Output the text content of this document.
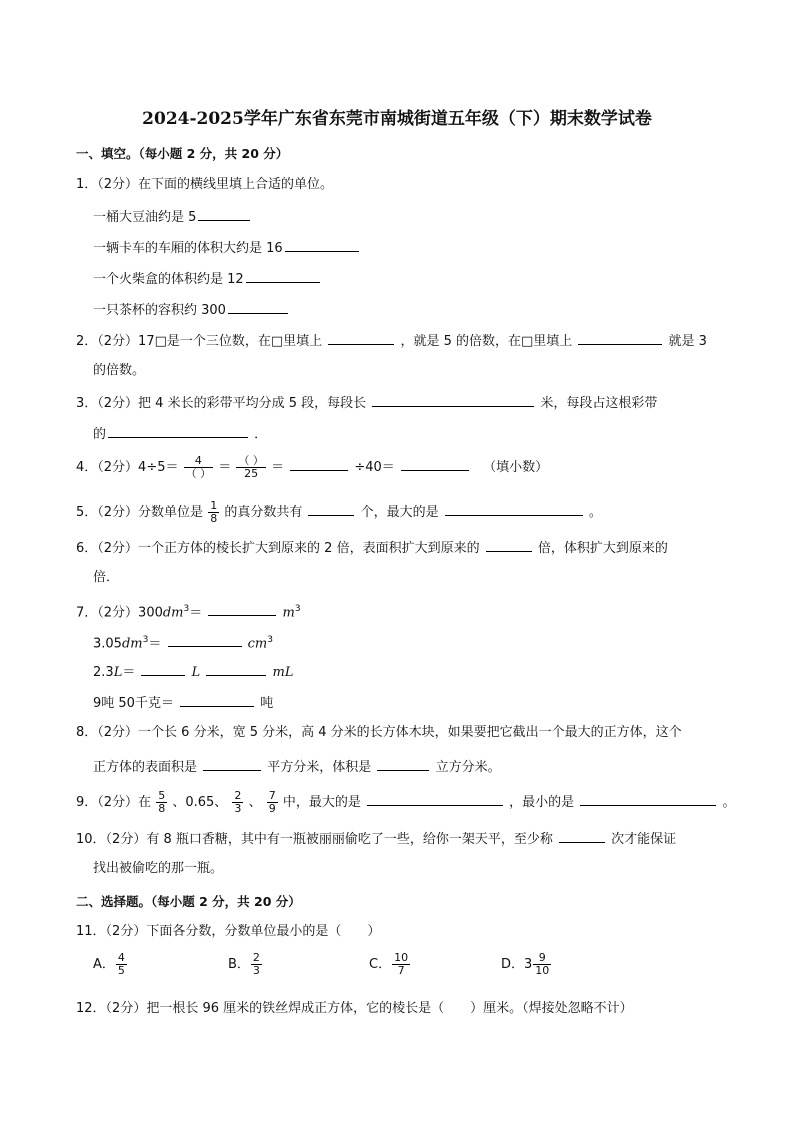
2024-2025学年广东省东莞市南城街道五年级（下）期末数学试卷
一、填空。（每小题 2 分，共 20 分）
1．（2分）在下面的横线里填上合适的单位。
一桶大豆油约是 5
一辆卡车的车厢的体积大约是 16
一个火柴盒的体积约是 12
一只茶杯的容积约 300
2．（2分）17□是一个三位数，在□里填上	，就是 5 的倍数，在□里填上	就是 3
的倍数。
3．（2分）把 4 米长的彩带平均分成 5 段，每段长	米，每段占这根彩带
的	．
4．（2分）$4\div 5= \frac{4}{( )} = \frac{( )}{25}$ ＝	÷40＝	（填小数）
5．（2分）分数单位是 $\frac{1}{8}$ 的真分数共有	个，最大的是	。
6．（2分）一个正方体的棱长扩大到原来的 2 倍，表面积扩大到原来的	倍，体积扩大到原来的
倍．
7．（2分）$300dm^3=$	$m^3$
$3.05dm^3=$	$cm^3$
2.3L＝	L	mL
9吨 50千克＝	吨
8．（2分）一个长 6 分米，宽 5 分米，高 4 分米的长方体木块，如果要把它截出一个最大的正方体，这个
正方体的表面积是	平方分米，体积是	立方分米。
9．（2分）在 $\frac{5}{8}$ 、0.65、 $\frac{2}{3}$ 、 $\frac{7}{9}$ 中，最大的是	，最小的是	。
10．（2分）有 8 瓶口香糖，其中有一瓶被丽丽偷吃了一些，给你一架天平，至少称	次才能保证
找出被偷吃的那一瓶。
二、选择题。（每小题 2 分，共 20 分）
11．（2分）下面各分数，分数单位最小的是（　　）
A． $\frac{4}{5}$	B． $\frac{2}{3}$	C． $\frac{10}{7}$	D．$3 \frac{9}{10}$
12．（2分）把一根长 96 厘米的铁丝焊成正方体，它的棱长是（　　）厘米。（焊接处忽略不计）
